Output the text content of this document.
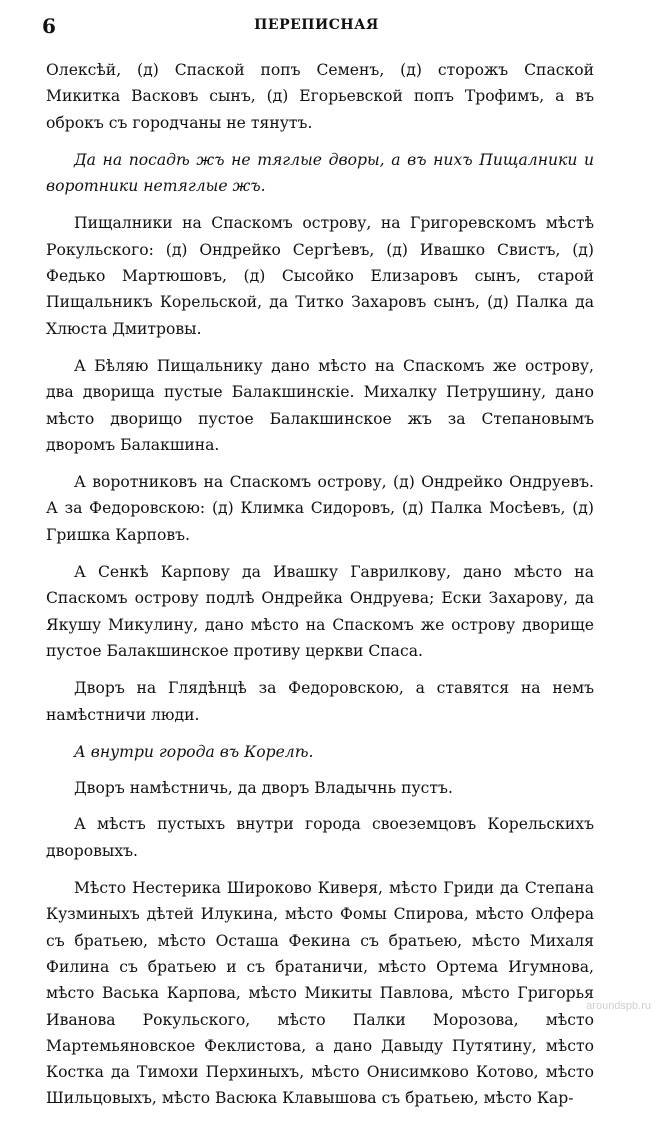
6	ПЕРЕПИСНАЯ

Олексѣй, (д) Спаской попъ Семенъ, (д) сторожъ Спаской Микитка Васковъ сынъ, (д) Егорьевской попъ Трофимъ, а въ оброкъ съ городчаны не тянутъ.

Да на посадѣ жъ не тяглые дворы, а въ нихъ Пищалники и воротники нетяглые жъ.

Пищалники на Спаскомъ острову, на Григоревскомъ мѣстѣ Рокульского: (д) Ондрейко Сергѣевъ, (д) Ивашко Свистъ, (д) Федько Мартюшовъ, (д) Сысойко Елизаровъ сынъ, старой Пищальникъ Корельской, да Титко Захаровъ сынъ, (д) Палка да Хлюста Дмитровы.

А Бѣляю Пищальнику дано мѣсто на Спаскомъ же острову, два дворища пустые Балакшинскіе. Михалку Петрушину, дано мѣсто дворищо пустое Балакшинское жъ за Степановымъ дворомъ Балакшина.

А воротниковъ на Спаскомъ острову, (д) Ондрейко Ондруевъ. А за Федоровскою: (д) Климка Сидоровъ, (д) Палка Мосѣевъ, (д) Гришка Карповъ.

А Сенкѣ Карпову да Ивашку Гаврилкову, дано мѣсто на Спаскомъ острову подлѣ Ондрейка Ондруева; Ески Захарову, да Якушу Микулину, дано мѣсто на Спаскомъ же острову дворище пустое Балакшинское противу церкви Спаса.

Дворъ на Глядѣнцѣ за Федоровскою, а ставятся на немъ намѣстничи люди.

А внутри города въ Корелѣ.

Дворъ намѣстничь, да дворъ Владычнь пустъ.

А мѣстъ пустыхъ внутри города своеземцовъ Корельскихъ дворовыхъ.

Мѣсто Нестерика Широково Киверя, мѣсто Гриди да Степана Кузминыхъ дѣтей Илукина, мѣсто Фомы Спирова, мѣсто Олфера съ братьею, мѣсто Осташа Фекина съ братьею, мѣсто Михаля Филина съ братьею и съ братаничи, мѣсто Ортема Игумнова, мѣсто Васька Карпова, мѣсто Микиты Павлова, мѣсто Григорья Иванова Рокульского, мѣсто Палки Морозова, мѣсто Мартемьяновское Феклистова, а дано Давыду Путятину, мѣсто Костка да Тимохи Перхиныхъ, мѣсто Онисимково Котово, мѣсто Шильцовыхъ, мѣсто Васюка Клавышова съ братьею, мѣсто Кар-

aroundspb.ru
